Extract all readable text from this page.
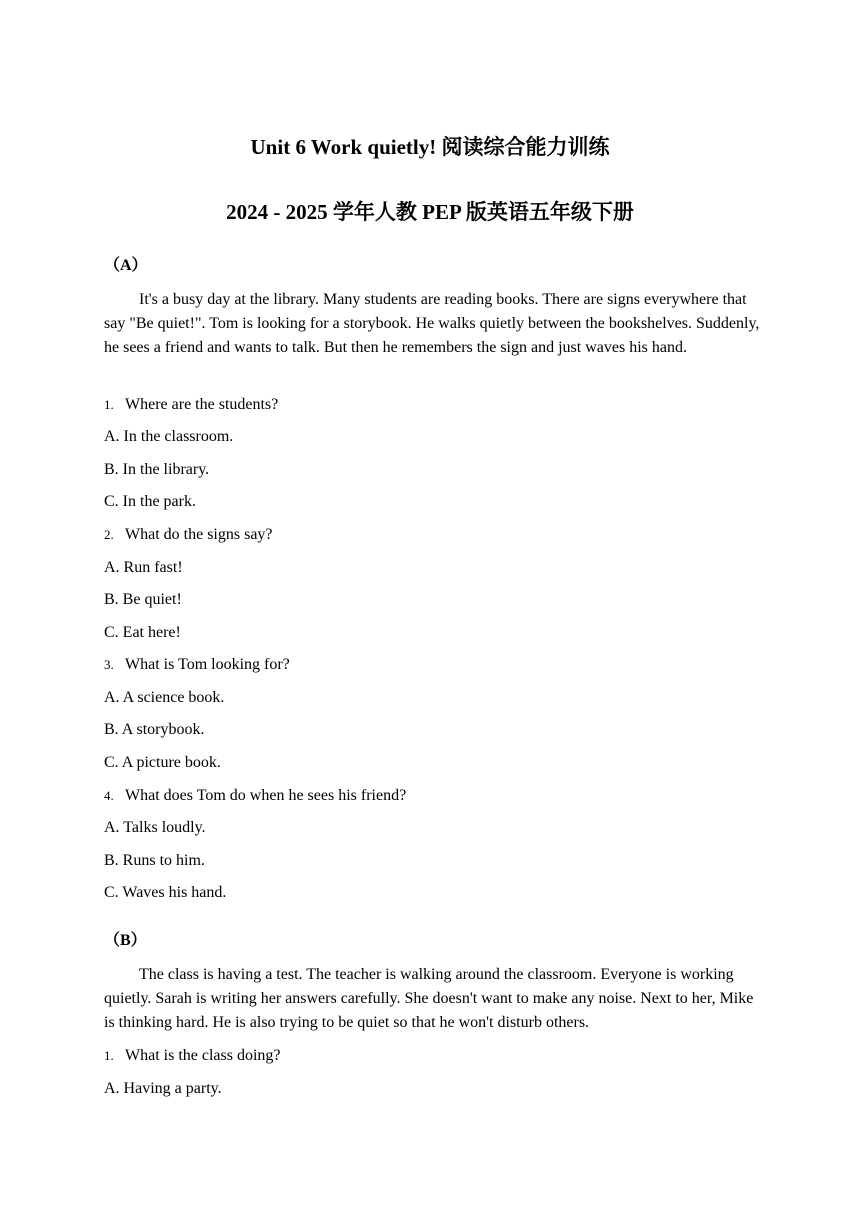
Unit 6 Work quietly! 阅读综合能力训练
2024 - 2025 学年人教 PEP 版英语五年级下册
（A）

It's a busy day at the library. Many students are reading books. There are signs everywhere that say "Be quiet!". Tom is looking for a storybook. He walks quietly between the bookshelves. Suddenly, he sees a friend and wants to talk. But then he remembers the sign and just waves his hand.

1. Where are the students?
A. In the classroom.
B. In the library.
C. In the park.
2. What do the signs say?
A. Run fast!
B. Be quiet!
C. Eat here!
3. What is Tom looking for?
A. A science book.
B. A storybook.
C. A picture book.
4. What does Tom do when he sees his friend?
A. Talks loudly.
B. Runs to him.
C. Waves his hand.
（B）

The class is having a test. The teacher is walking around the classroom. Everyone is working quietly. Sarah is writing her answers carefully. She doesn't want to make any noise. Next to her, Mike is thinking hard. He is also trying to be quiet so that he won't disturb others.

1. What is the class doing?
A. Having a party.
